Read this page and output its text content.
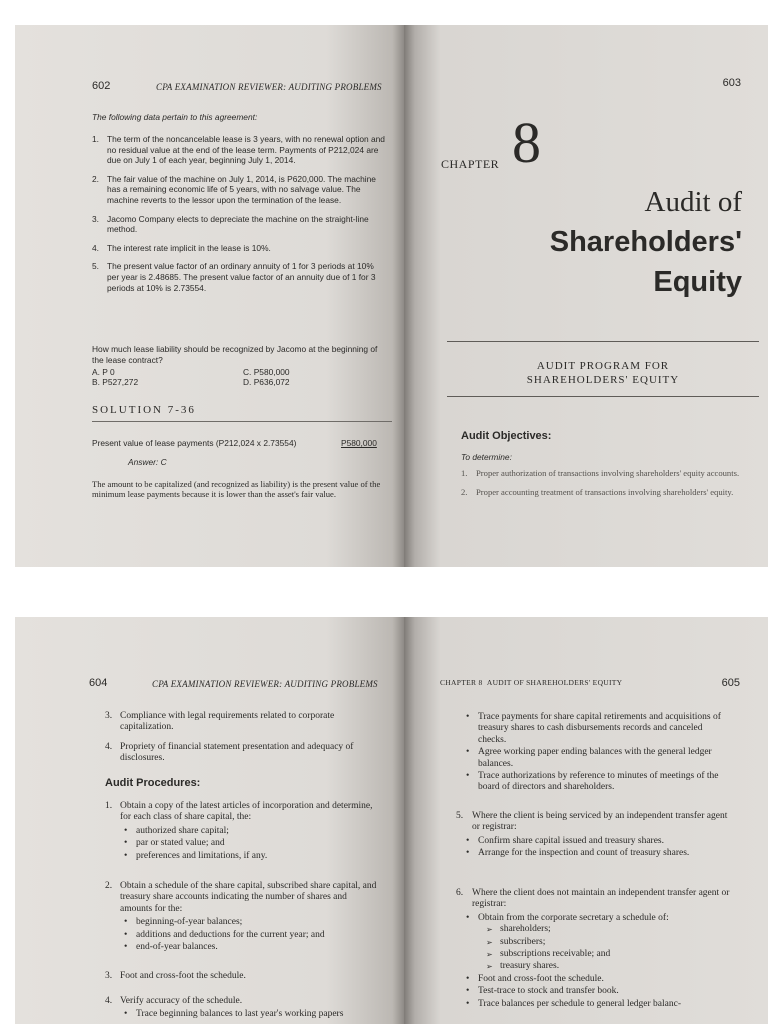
602	CPA EXAMINATION REVIEWER: AUDITING PROBLEMS
The following data pertain to this agreement:
1. The term of the noncancelable lease is 3 years, with no renewal option and no residual value at the end of the lease term. Payments of P212,024 are due on July 1 of each year, beginning July 1, 2014.
2. The fair value of the machine on July 1, 2014, is P620,000. The machine has a remaining economic life of 5 years, with no salvage value. The machine reverts to the lessor upon the termination of the lease.
3. Jacomo Company elects to depreciate the machine on the straight-line method.
4. The interest rate implicit in the lease is 10%.
5. The present value factor of an ordinary annuity of 1 for 3 periods at 10% per year is 2.48685. The present value factor of an annuity due of 1 for 3 periods at 10% is 2.73554.
How much lease liability should be recognized by Jacomo at the beginning of the lease contract?
A. P 0
B. P527,272
C. P580,000
D. P636,072
SOLUTION 7-36
Present value of lease payments (P212,024 x 2.73554)	P580,000
Answer: C
The amount to be capitalized (and recognized as liability) is the present value of the minimum lease payments because it is lower than the asset's fair value.
603
CHAPTER 8
Audit of
Shareholders'
Equity
AUDIT PROGRAM FOR
SHAREHOLDERS' EQUITY
Audit Objectives:
To determine:
1. Proper authorization of transactions involving shareholders' equity accounts.
2. Proper accounting treatment of transactions involving shareholders' equity.
604	CPA EXAMINATION REVIEWER: AUDITING PROBLEMS
3. Compliance with legal requirements related to corporate capitalization.
4. Propriety of financial statement presentation and adequacy of disclosures.
Audit Procedures:
1. Obtain a copy of the latest articles of incorporation and determine, for each class of share capital, the:
• authorized share capital;
• par or stated value; and
• preferences and limitations, if any.
2. Obtain a schedule of the share capital, subscribed share capital, and treasury share accounts indicating the number of shares and amounts for the:
• beginning-of-year balances;
• additions and deductions for the current year; and
• end-of-year balances.
3. Foot and cross-foot the schedule.
4. Verify accuracy of the schedule.
• Trace beginning balances to last year's working papers
CHAPTER 8 AUDIT OF SHAREHOLDERS' EQUITY	605
• Trace payments for share capital retirements and acquisitions of treasury shares to cash disbursements records and canceled checks.
• Agree working paper ending balances with the general ledger balances.
• Trace authorizations by reference to minutes of meetings of the board of directors and shareholders.
5. Where the client is being serviced by an independent transfer agent or registrar:
• Confirm share capital issued and treasury shares.
• Arrange for the inspection and count of treasury shares.
6. Where the client does not maintain an independent transfer agent or registrar:
• Obtain from the corporate secretary a schedule of:
➢ shareholders;
➢ subscribers;
➢ subscriptions receivable; and
➢ treasury shares.
• Foot and cross-foot the schedule.
• Test-trace to stock and transfer book.
• Trace balances per schedule to general ledger balanc-
